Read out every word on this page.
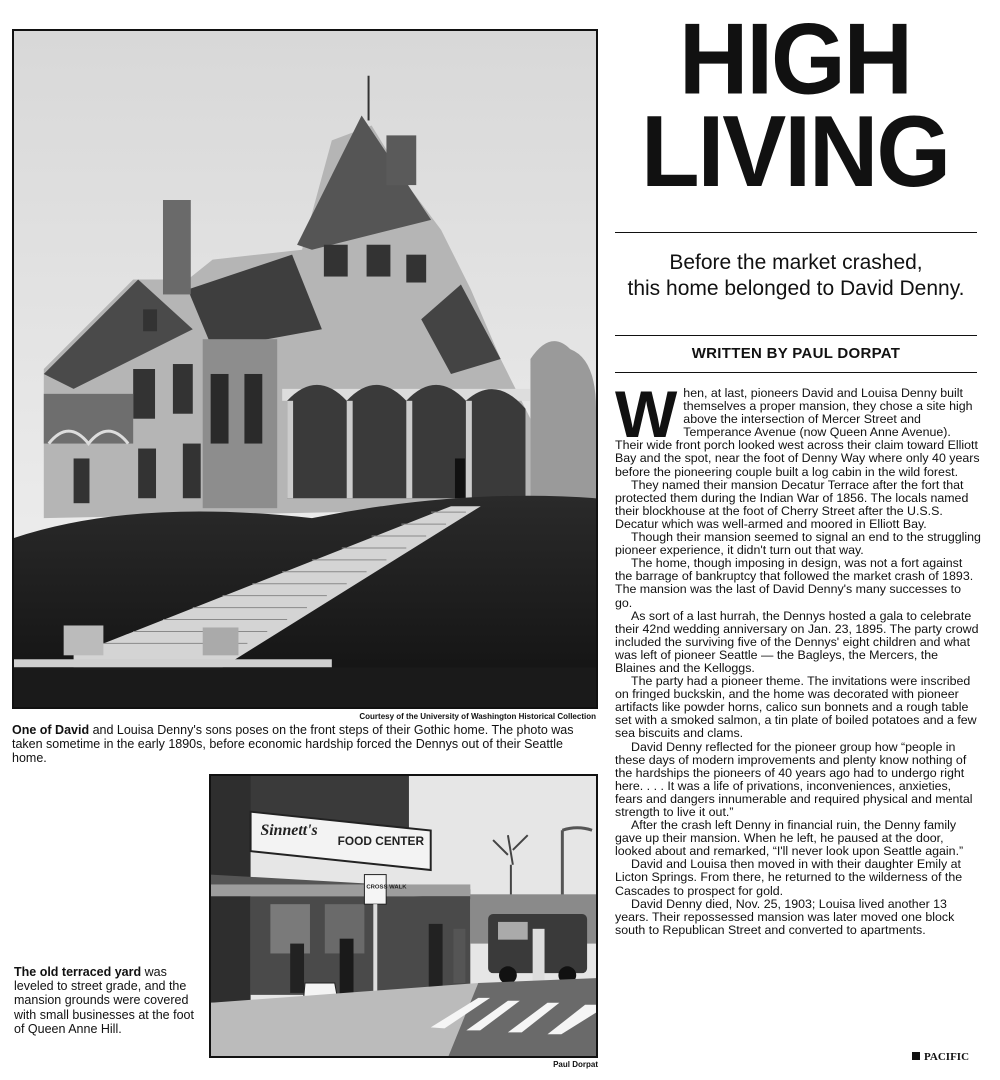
Courtesy of the University of Washington Historical Collection
One of David and Louisa Denny's sons poses on the front steps of their Gothic home. The photo was taken sometime in the early 1890s, before economic hardship forced the Dennys out of their Seattle home.
Sinnett's
FOOD CENTER
CROSS WALK
Paul Dorpat
The old terraced yard was leveled to street grade, and the mansion grounds were covered with small businesses at the foot of Queen Anne Hill.
HIGH
LIVING
Before the market crashed,
this home belonged to David Denny.
WRITTEN BY PAUL DORPAT

When, at last, pioneers David and Louisa Denny built themselves a proper mansion, they chose a site high above the intersection of Mercer Street and Temperance Avenue (now Queen Anne Avenue). Their wide front porch looked west across their claim toward Elliott Bay and the spot, near the foot of Denny Way where only 40 years before the pioneering couple built a log cabin in the wild forest.

They named their mansion Decatur Terrace after the fort that protected them during the Indian War of 1856. The locals named their blockhouse at the foot of Cherry Street after the U.S.S. Decatur which was well-armed and moored in Elliott Bay.

Though their mansion seemed to signal an end to the struggling pioneer experience, it didn't turn out that way.

The home, though imposing in design, was not a fort against the barrage of bankruptcy that followed the market crash of 1893. The mansion was the last of David Denny's many successes to go.

As sort of a last hurrah, the Dennys hosted a gala to celebrate their 42nd wedding anniversary on Jan. 23, 1895. The party crowd included the surviving five of the Dennys' eight children and what was left of pioneer Seattle — the Bagleys, the Mercers, the Blaines and the Kelloggs.

The party had a pioneer theme. The invitations were inscribed on fringed buckskin, and the home was decorated with pioneer artifacts like powder horns, calico sun bonnets and a rough table set with a smoked salmon, a tin plate of boiled potatoes and a few sea biscuits and clams.

David Denny reflected for the pioneer group how “people in these days of modern improvements and plenty know nothing of the hardships the pioneers of 40 years ago had to undergo right here. . . . It was a life of privations, inconveniences, anxieties, fears and dangers innumerable and required physical and mental strength to live it out.”

After the crash left Denny in financial ruin, the Denny family gave up their mansion. When he left, he paused at the door, looked about and remarked, “I'll never look upon Seattle again.”

David and Louisa then moved in with their daughter Emily at Licton Springs. From there, he returned to the wilderness of the Cascades to prospect for gold.

David Denny died, Nov. 25, 1903; Louisa lived another 13 years. Their repossessed mansion was later moved one block south to Republican Street and converted to apartments.

PACIFIC
